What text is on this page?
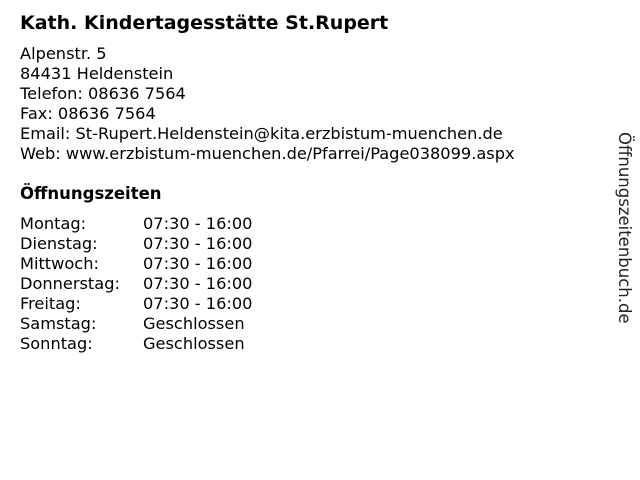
Kath. Kindertagesstätte St.Rupert
Alpenstr. 5
84431 Heldenstein
Telefon: 08636 7564
Fax: 08636 7564
Email: St-Rupert.Heldenstein@kita.erzbistum-muenchen.de
Web: www.erzbistum-muenchen.de/Pfarrei/Page038099.aspx
Öffnungszeiten
Montag:	07:30 - 16:00
Dienstag:	07:30 - 16:00
Mittwoch:	07:30 - 16:00
Donnerstag: 07:30 - 16:00
Freitag:	07:30 - 16:00
Samstag:	Geschlossen
Sonntag:	Geschlossen
Öffnungszeitenbuch.de
